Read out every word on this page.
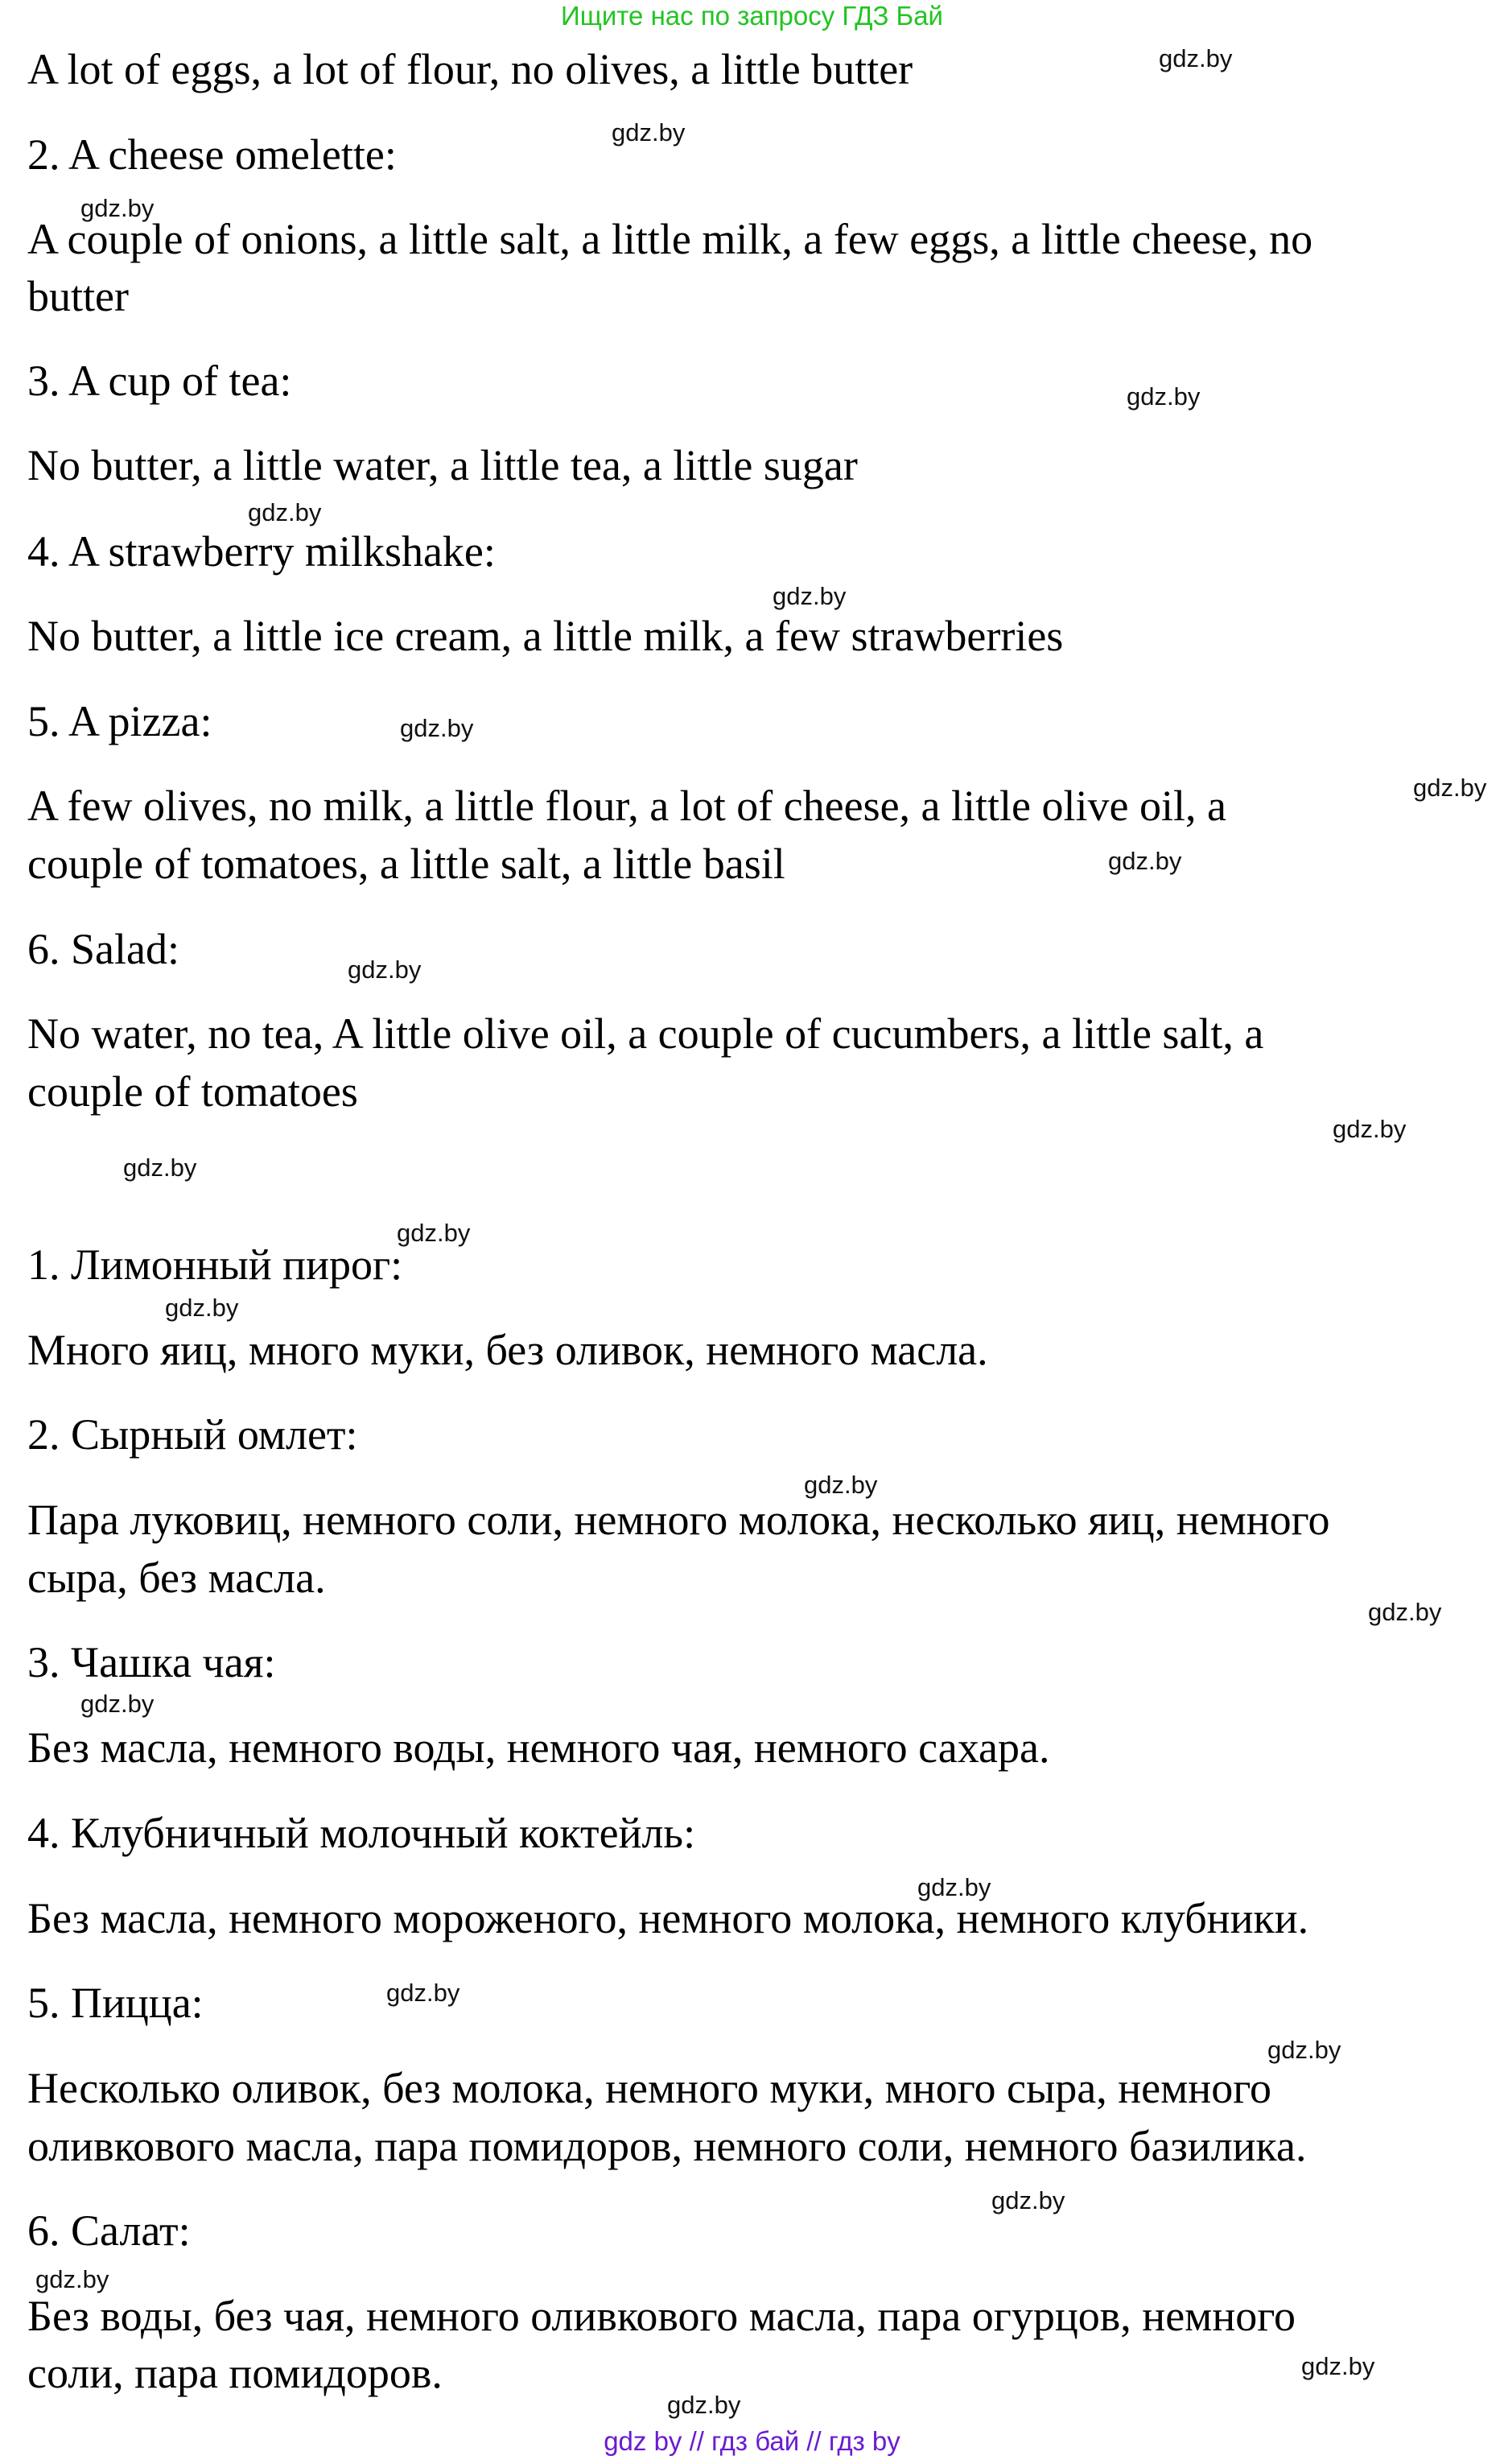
Ищите нас по запросу ГДЗ Бай
A lot of eggs, a lot of flour, no olives, a little butter
2. A cheese omelette:
A couple of onions, a little salt, a little milk, a few eggs, a little cheese, no
butter
3. A cup of tea:
No butter, a little water, a little tea, a little sugar
4. A strawberry milkshake:
No butter, a little ice cream, a little milk, a few strawberries
5. A pizza:
A few olives, no milk, a little flour, a lot of cheese, a little olive oil, a
couple of tomatoes, a little salt, a little basil
6. Salad:
No water, no tea, A little olive oil, a couple of cucumbers, a little salt, a
couple of tomatoes
1. Лимонный пирог:
Много яиц, много муки, без оливок, немного масла.
2. Сырный омлет:
Пара луковиц, немного соли, немного молока, несколько яиц, немного
сыра, без масла.
3. Чашка чая:
Без масла, немного воды, немного чая, немного сахара.
4. Клубничный молочный коктейль:
Без масла, немного мороженого, немного молока, немного клубники.
5. Пицца:
Несколько оливок, без молока, немного муки, много сыра, немного
оливкового масла, пара помидоров, немного соли, немного базилика.
6. Салат:
Без воды, без чая, немного оливкового масла, пара огурцов, немного
соли, пара помидоров.
gdz.by
gdz.by
gdz.by
gdz.by
gdz.by
gdz.by
gdz.by
gdz.by
gdz.by
gdz.by
gdz.by
gdz.by
gdz.by
gdz.by
gdz.by
gdz.by
gdz.by
gdz.by
gdz.by
gdz.by
gdz.by
gdz.by
gdz.by
gdz.by
gdz by // гдз бай // гдз by
